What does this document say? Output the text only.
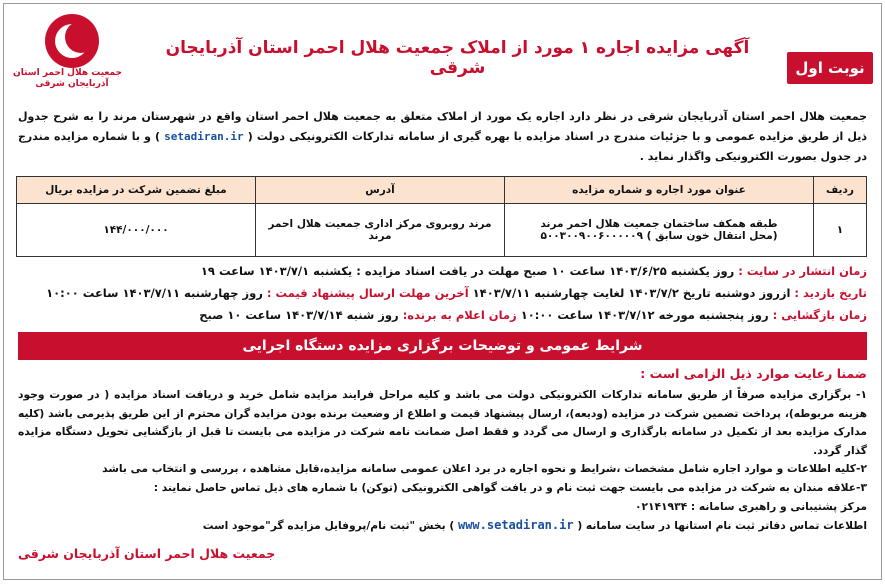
جمعیت هلال احمر استان
آذربایجان شرقی
آگهی مزایده اجاره ۱ مورد از املاک جمعیت هلال احمر استان آذربایجان شرقی	نوبت اول
جمعیت هلال احمر استان آذربایجان شرقی در نظر دارد اجاره یک مورد از املاک متعلق به جمعیت هلال احمر استان واقع در شهرستان مرند را به شرح جدول ذیل از طریق مزایده عمومی و با جزئیات مندرج در اسناد مزایده با بهره گیری از سامانه تدارکات الکترونیکی دولت ( setadiran.ir ) و با شماره مزایده مندرج در جدول بصورت الکترونیکی واگذار نماید .
ردیف	عنوان مورد اجاره و شماره مزایده	آدرس	مبلغ تضمین شرکت در مزایده بریال
۱	طبقه همکف ساختمان جمعیت هلال احمر مرند
(محل انتقال خون سابق ) ۵۰۰۳۰۰۹۰۰۶۰۰۰۰۰۹	مرند روبروی مرکز اداری جمعیت هلال احمر مرند	۱۴۴/۰۰۰/۰۰۰
زمان انتشار در سایت : روز یکشنبه ۱۴۰۳/۶/۲۵ ساعت ۱۰ صبح مهلت در یافت اسناد مزایده : یکشنبه ۱۴۰۳/۷/۱ ساعت ۱۹
تاریخ بازدید : ازروز دوشنبه تاریخ ۱۴۰۳/۷/۲ لغایت چهارشنبه ۱۴۰۳/۷/۱۱ آخرین مهلت ارسال پیشنهاد قیمت : روز چهارشنبه ۱۴۰۳/۷/۱۱ ساعت ۱۰:۰۰
زمان بازگشایی : روز پنجشنبه مورخه ۱۴۰۳/۷/۱۲ ساعت ۱۰:۰۰ زمان اعلام به برنده: روز شنبه ۱۴۰۳/۷/۱۴ ساعت ۱۰ صبح
شرایط عمومی و توضیحات برگزاری مزایده دستگاه اجرایی
ضمنا رعایت موارد ذیل الزامی است :

۱- برگزاری مزایده صرفاً از طریق سامانه تدارکات الکترونیکی دولت می باشد و کلیه مراحل فرایند مزایده شامل خرید و دریافت اسناد مزایده ( در صورت وجود هزینه مربوطه)، پرداخت تضمین شرکت در مزایده (ودیعه)، ارسال پیشنهاد قیمت و اطلاع از وضعیت برنده بودن مزایده گران محترم از این طریق پذیرمی باشد (کلیه مدارک مزایده بعد از تکمیل در سامانه بارگذاری و ارسال می گردد و فقط اصل ضمانت نامه شرکت در مزایده می بایست تا قبل از بازگشایی تحویل دستگاه مزایده گذار گردد.

۲-کلیه اطلاعات و موارد اجاره شامل مشخصات ،شرایط و نحوه اجاره در برد اعلان عمومی سامانه مزایده،قابل مشاهده ، بررسی و انتخاب می باشد

۳-علاقه مندان به شرکت در مزایده می بایست جهت ثبت نام و در یافت گواهی الکترونیکی (توکن) با شماره های ذیل تماس حاصل نمایند :

مرکز پشتیبانی و راهبری سامانه : ۰۲۱۴۱۹۳۴

اطلاعات تماس دفاتر ثبت نام استانها در سایت سامانه ( www.setadiran.ir ) بخش "ثبت نام/پروفایل مزایده گر"موجود است

جمعیت هلال احمر استان آذربایجان شرقی
